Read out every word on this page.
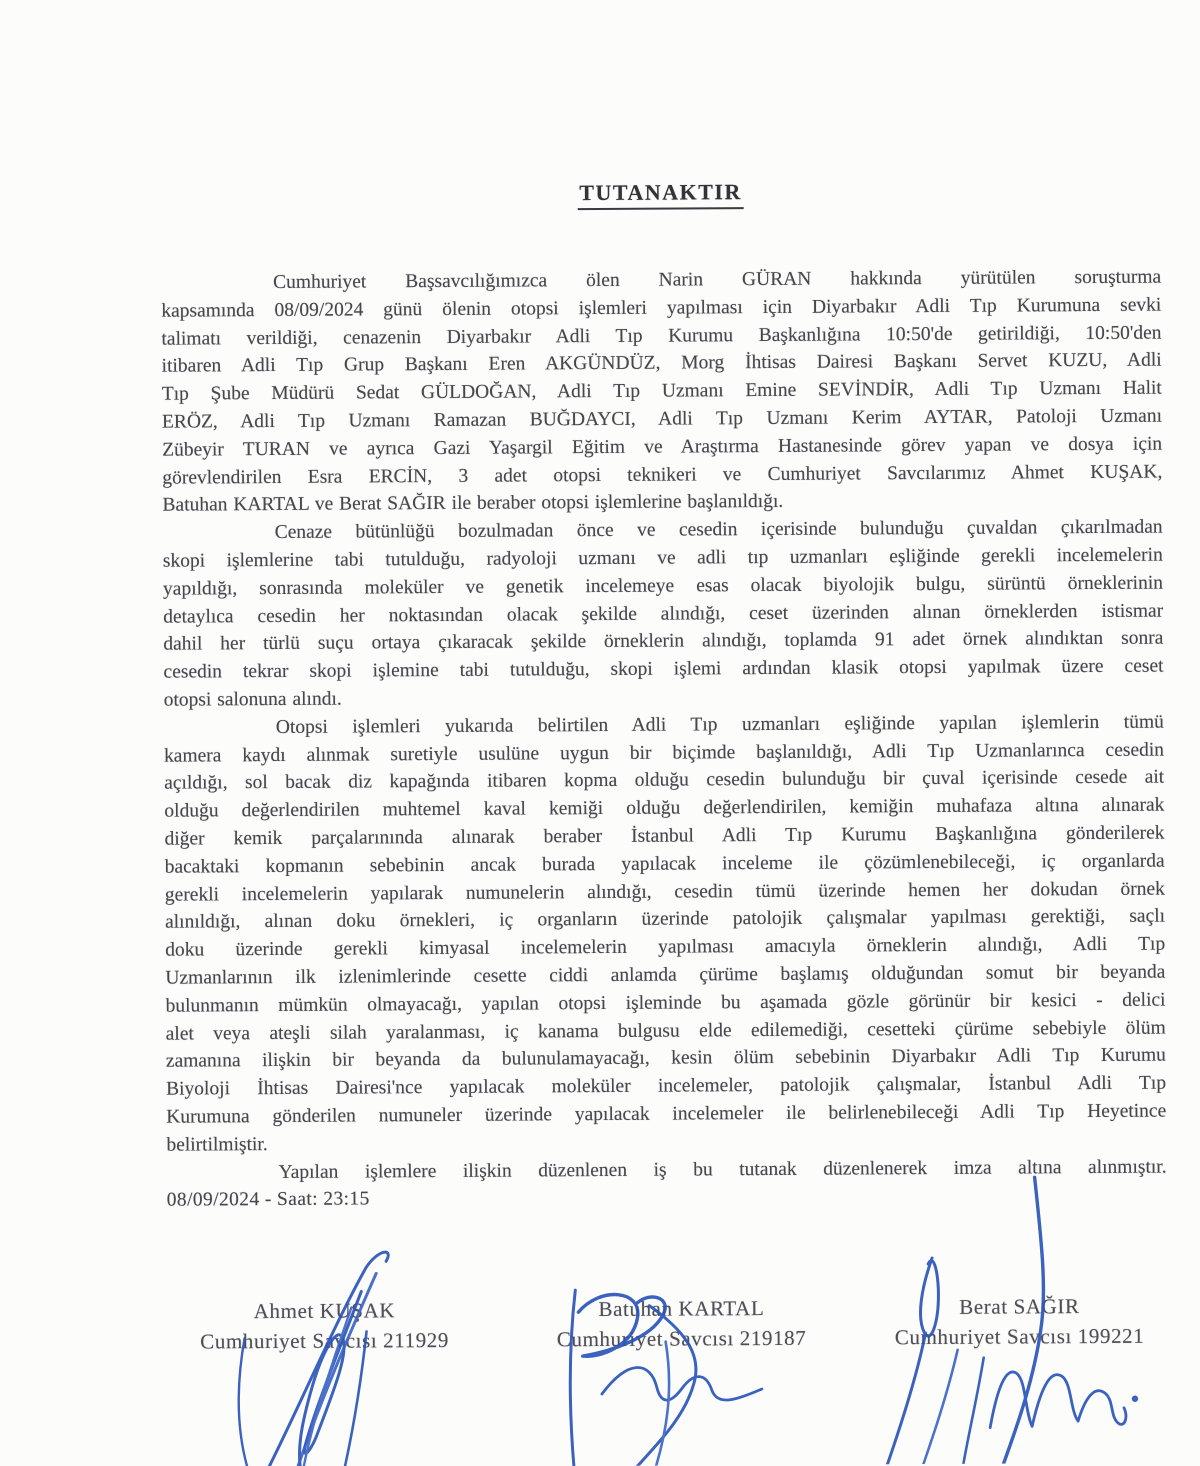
TUTANAKTIR
Cumhuriyet Başsavcılığımızca ölen Narin GÜRAN hakkında yürütülen soruşturma
kapsamında 08/09/2024 günü ölenin otopsi işlemleri yapılması için Diyarbakır Adli Tıp Kurumuna sevki
talimatı verildiği, cenazenin Diyarbakır Adli Tıp Kurumu Başkanlığına 10:50'de getirildiği, 10:50'den
itibaren Adli Tıp Grup Başkanı Eren AKGÜNDÜZ, Morg İhtisas Dairesi Başkanı Servet KUZU, Adli
Tıp Şube Müdürü Sedat GÜLDOĞAN, Adli Tıp Uzmanı Emine SEVİNDİR, Adli Tıp Uzmanı Halit
ERÖZ, Adli Tıp Uzmanı Ramazan BUĞDAYCI, Adli Tıp Uzmanı Kerim AYTAR, Patoloji Uzmanı
Zübeyir TURAN ve ayrıca Gazi Yaşargil Eğitim ve Araştırma Hastanesinde görev yapan ve dosya için
görevlendirilen Esra ERCİN, 3 adet otopsi teknikeri ve Cumhuriyet Savcılarımız Ahmet KUŞAK,
Batuhan KARTAL ve Berat SAĞIR ile beraber otopsi işlemlerine başlanıldığı.
Cenaze bütünlüğü bozulmadan önce ve cesedin içerisinde bulunduğu çuvaldan çıkarılmadan
skopi işlemlerine tabi tutulduğu, radyoloji uzmanı ve adli tıp uzmanları eşliğinde gerekli incelemelerin
yapıldığı, sonrasında moleküler ve genetik incelemeye esas olacak biyolojik bulgu, sürüntü örneklerinin
detaylıca cesedin her noktasından olacak şekilde alındığı, ceset üzerinden alınan örneklerden istismar
dahil her türlü suçu ortaya çıkaracak şekilde örneklerin alındığı, toplamda 91 adet örnek alındıktan sonra
cesedin tekrar skopi işlemine tabi tutulduğu, skopi işlemi ardından klasik otopsi yapılmak üzere ceset
otopsi salonuna alındı.
Otopsi işlemleri yukarıda belirtilen Adli Tıp uzmanları eşliğinde yapılan işlemlerin tümü
kamera kaydı alınmak suretiyle usulüne uygun bir biçimde başlanıldığı, Adli Tıp Uzmanlarınca cesedin
açıldığı, sol bacak diz kapağında itibaren kopma olduğu cesedin bulunduğu bir çuval içerisinde cesede ait
olduğu değerlendirilen muhtemel kaval kemiği olduğu değerlendirilen, kemiğin muhafaza altına alınarak
diğer kemik parçalarınında alınarak beraber İstanbul Adli Tıp Kurumu Başkanlığına gönderilerek
bacaktaki kopmanın sebebinin ancak burada yapılacak inceleme ile çözümlenebileceği, iç organlarda
gerekli incelemelerin yapılarak numunelerin alındığı, cesedin tümü üzerinde hemen her dokudan örnek
alınıldığı, alınan doku örnekleri, iç organların üzerinde patolojik çalışmalar yapılması gerektiği, saçlı
doku üzerinde gerekli kimyasal incelemelerin yapılması amacıyla örneklerin alındığı, Adli Tıp
Uzmanlarının ilk izlenimlerinde cesette ciddi anlamda çürüme başlamış olduğundan somut bir beyanda
bulunmanın mümkün olmayacağı, yapılan otopsi işleminde bu aşamada gözle görünür bir kesici - delici
alet veya ateşli silah yaralanması, iç kanama bulgusu elde edilemediği, cesetteki çürüme sebebiyle ölüm
zamanına ilişkin bir beyanda da bulunulamayacağı, kesin ölüm sebebinin Diyarbakır Adli Tıp Kurumu
Biyoloji İhtisas Dairesi'nce yapılacak moleküler incelemeler, patolojik çalışmalar, İstanbul Adli Tıp
Kurumuna gönderilen numuneler üzerinde yapılacak incelemeler ile belirlenebileceği Adli Tıp Heyetince
belirtilmiştir.
Yapılan işlemlere ilişkin düzenlenen iş bu tutanak düzenlenerek imza altına alınmıştır.
08/09/2024 - Saat: 23:15
Ahmet KUŞAK
Cumhuriyet Savcısı 211929
Batuhan KARTAL
Cumhuriyet Savcısı 219187
Berat SAĞIR
Cumhuriyet Savcısı 199221
